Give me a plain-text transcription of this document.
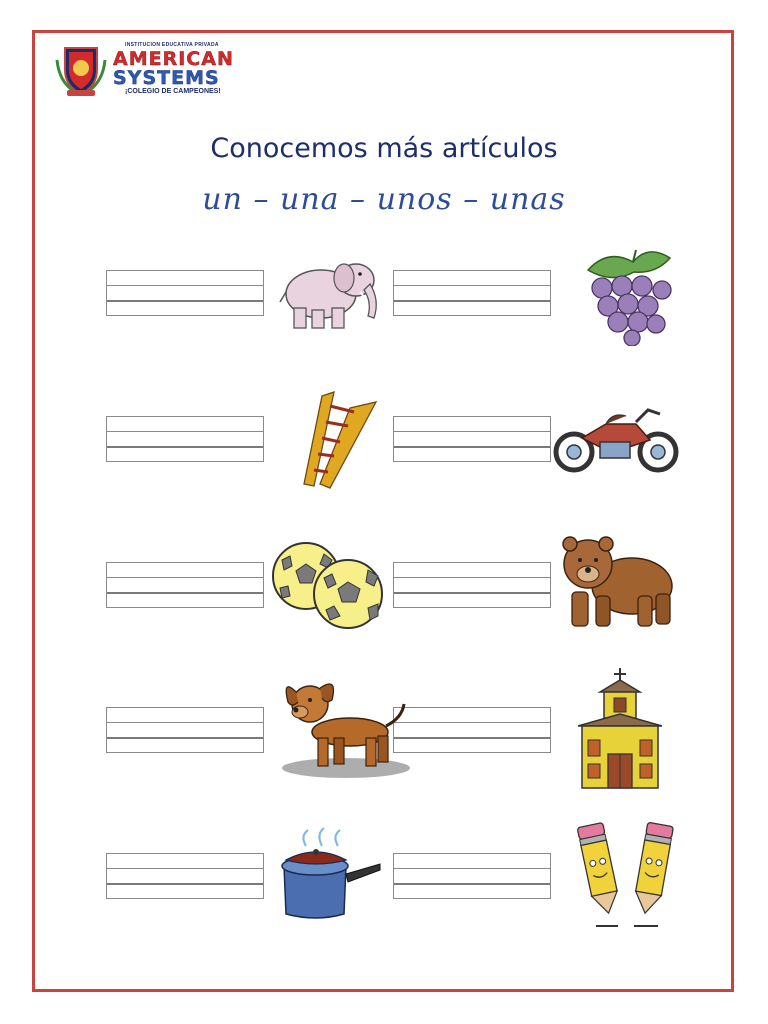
INSTITUCION EDUCATIVA PRIVADA
AMERICAN
SYSTEMS
¡COLEGIO DE CAMPEONES!
Conocemos más artículos
un – una – unos – unas
